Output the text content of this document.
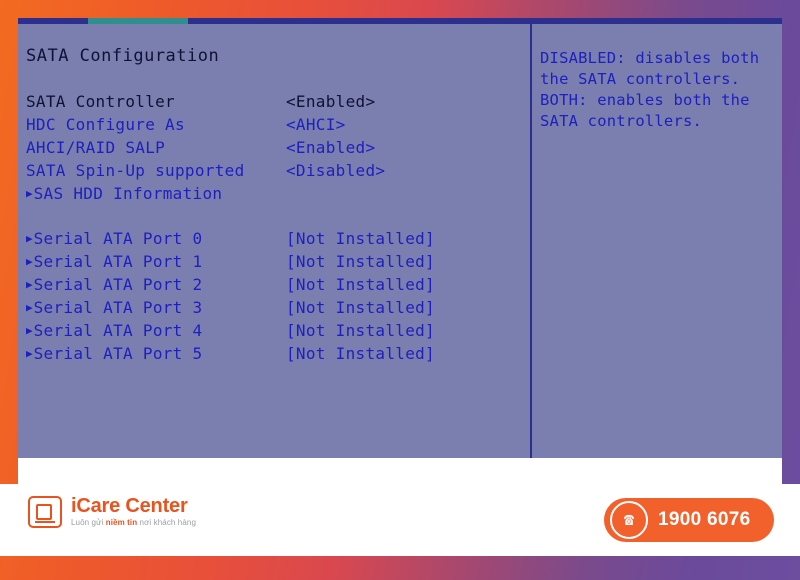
SATA Configuration
SATA Controller	<Enabled>
HDC Configure As	<AHCI>
AHCI/RAID SALP	<Enabled>
SATA Spin-Up supported	<Disabled>
▶ SAS HDD Information
▶ Serial ATA Port 0	[Not Installed]
▶ Serial ATA Port 1	[Not Installed]
▶ Serial ATA Port 2	[Not Installed]
▶ Serial ATA Port 3	[Not Installed]
▶ Serial ATA Port 4	[Not Installed]
▶ Serial ATA Port 5	[Not Installed]
DISABLED: disables both
the SATA controllers.
BOTH: enables both the
SATA controllers.
iCare Center
Luôn gửi niềm tin nơi khách hàng	☎	1900 6076
